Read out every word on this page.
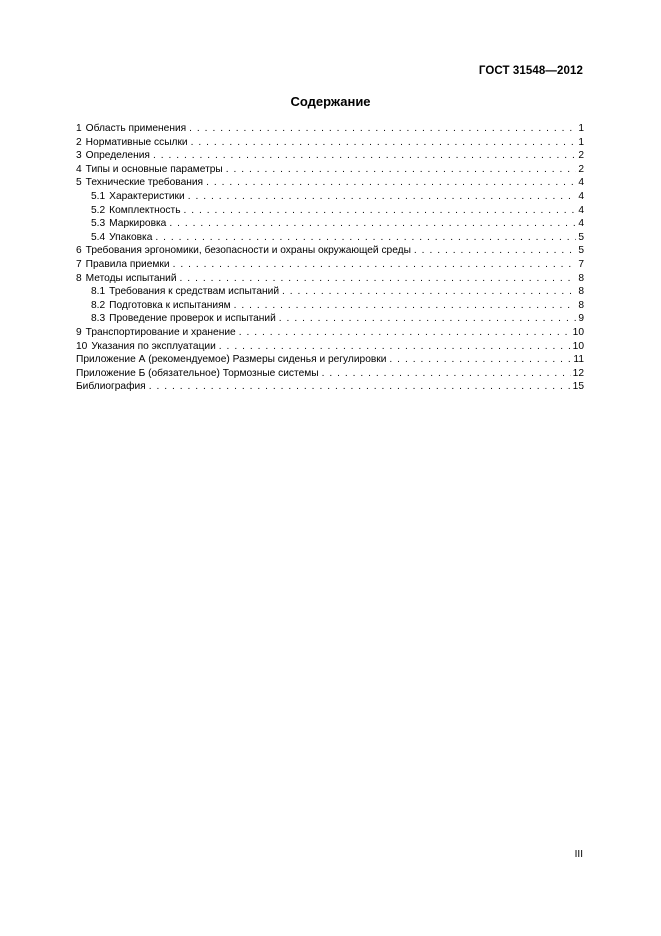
ГОСТ 31548—2012
Содержание
1 Область применения . . .	1
2 Нормативные ссылки . . .	1
3 Определения . . .	2
4 Типы и основные параметры . . .	2
5 Технические требования . . .	4
5.1 Характеристики . . .	4
5.2 Комплектность . . .	4
5.3 Маркировка . . .	4
5.4 Упаковка . . .	5
6 Требования эргономики, безопасности и охраны окружающей среды . . .	5
7 Правила приемки . . .	7
8 Методы испытаний . . .	8
8.1 Требования к средствам испытаний . . .	8
8.2 Подготовка к испытаниям . . .	8
8.3 Проведение проверок и испытаний . . .	9
9 Транспортирование и хранение . . .	10
10 Указания по эксплуатации . . .	10
Приложение А (рекомендуемое) Размеры сиденья и регулировки . . .	11
Приложение Б (обязательное) Тормозные системы . . .	12
Библиография . . .	15
III
